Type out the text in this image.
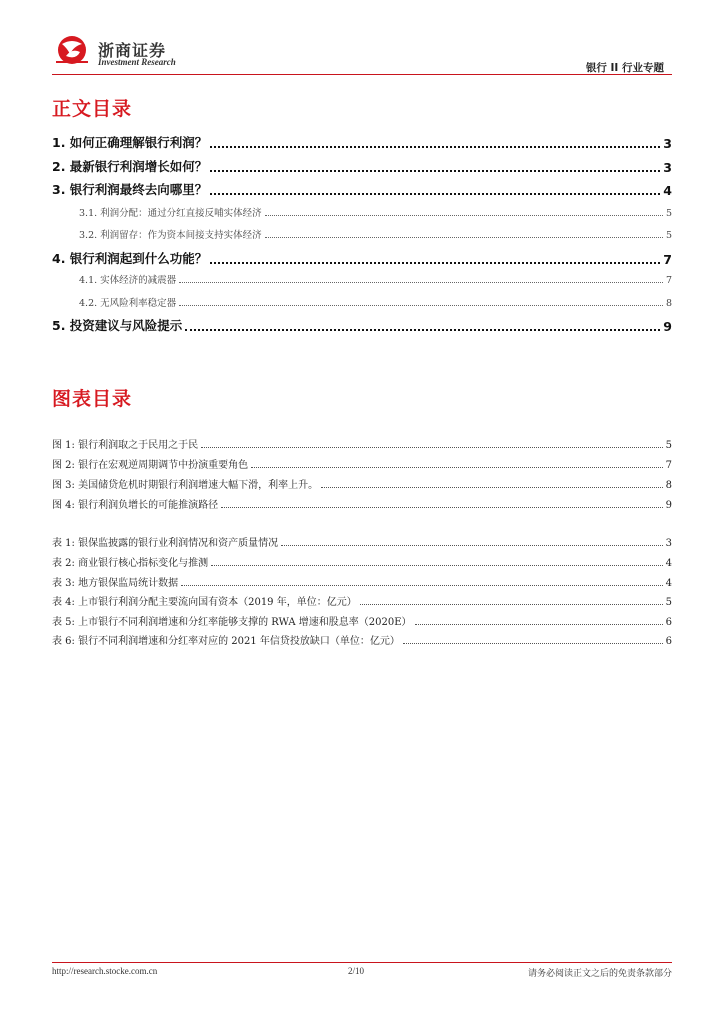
浙商证券
Investment Research	银行 II 行业专题
正文目录
1. 如何正确理解银行利润？	3
2. 最新银行利润增长如何？	3
3. 银行利润最终去向哪里？	4
3.1. 利润分配：通过分红直接反哺实体经济	5
3.2. 利润留存：作为资本间接支持实体经济	5
4. 银行利润起到什么功能？	7
4.1. 实体经济的减震器	7
4.2. 无风险利率稳定器	8
5. 投资建议与风险提示	9
图表目录
图 1: 银行利润取之于民用之于民	5
图 2: 银行在宏观逆周期调节中扮演重要角色	7
图 3: 美国储贷危机时期银行利润增速大幅下滑，利率上升。	8
图 4: 银行利润负增长的可能推演路径	9
表 1: 银保监披露的银行业利润情况和资产质量情况	3
表 2: 商业银行核心指标变化与推测	4
表 3: 地方银保监局统计数据	4
表 4: 上市银行利润分配主要流向国有资本（2019 年，单位：亿元）	5
表 5: 上市银行不同利润增速和分红率能够支撑的 RWA 增速和股息率（2020E）	6
表 6: 银行不同利润增速和分红率对应的 2021 年信贷投放缺口（单位：亿元）	6
http://research.stocke.com.cn	2/10	请务必阅读正文之后的免责条款部分
